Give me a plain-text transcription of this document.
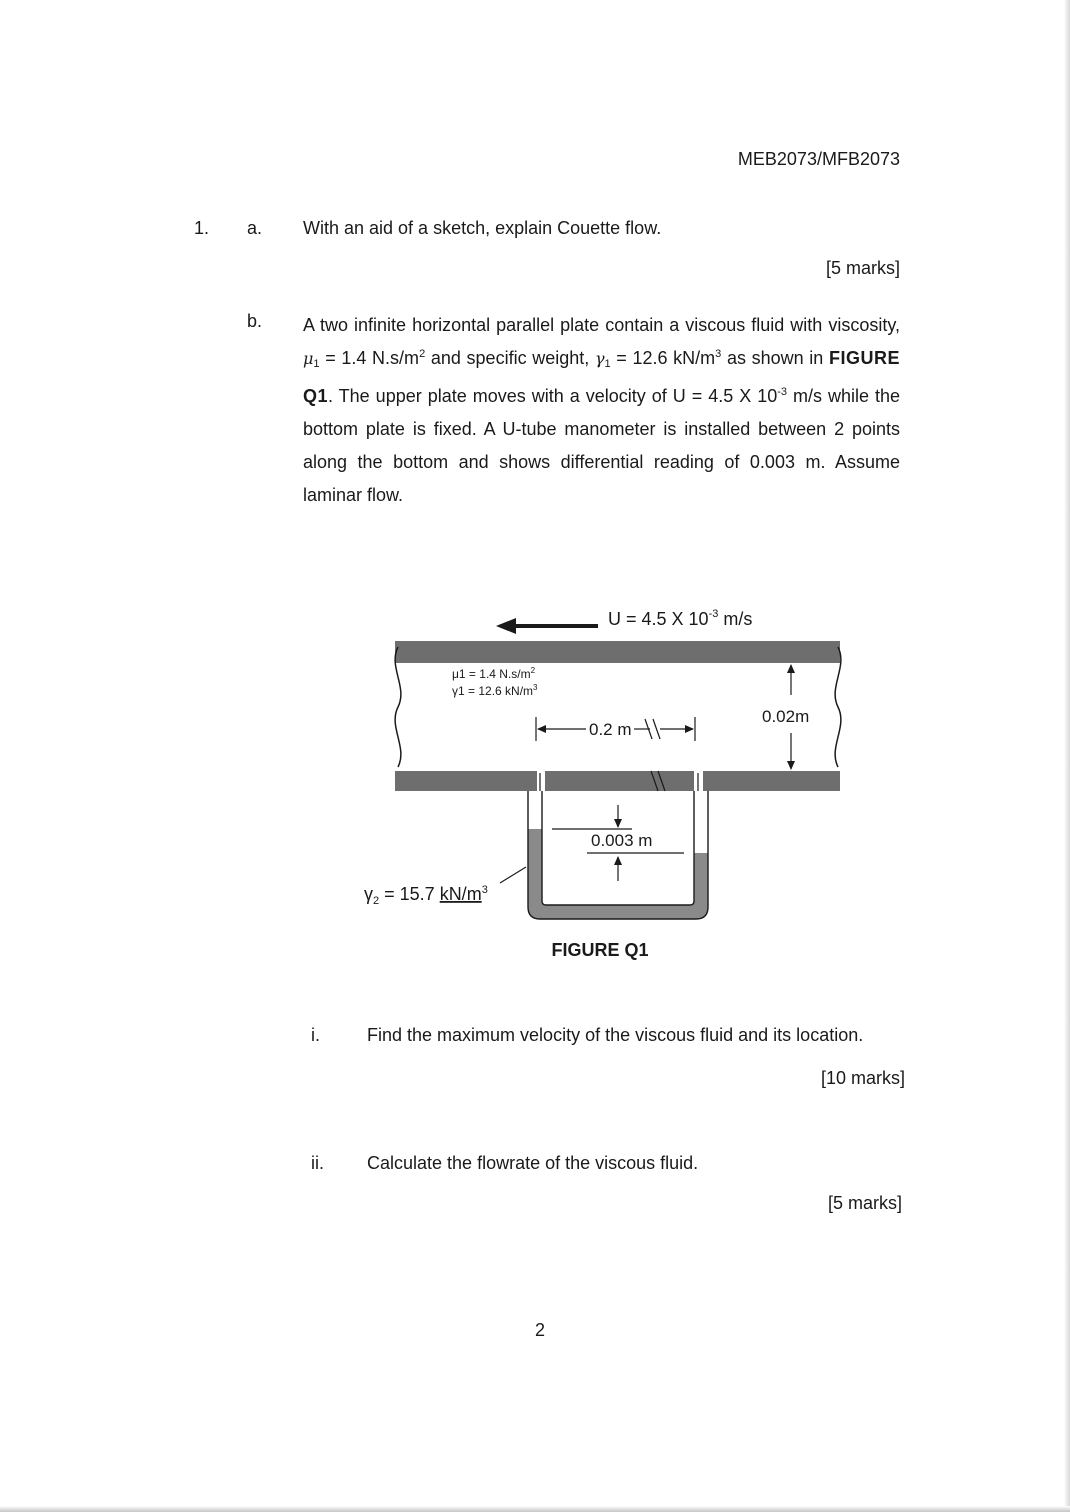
MEB2073/MFB2073
1. a. With an aid of a sketch, explain Couette flow.
[5 marks]
b. A two infinite horizontal parallel plate contain a viscous fluid with viscosity, $\mu_1 = 1.4$ $N.s/m^2$ and specific weight, $\gamma_1 = 12.6$ $kN/m^3$ as shown in FIGURE Q1. The upper plate moves with a velocity of U = 4.5 X $10^{-3}$ m/s while the bottom plate is fixed. A U-tube manometer is installed between 2 points along the bottom and shows differential reading of 0.003 m. Assume laminar flow.
U = 4.5 X $10^{-3}$ m/s
μ1 = 1.4 $N.s/m^2$
γ1 = 12.6 $kN/m^3$
0.2 m
0.02m
0.003 m
$\gamma_2 = 15.7$ $kN/m^3$
FIGURE Q1
i.	Find the maximum velocity of the viscous fluid and its location.
[10 marks]
ii. Calculate the flowrate of the viscous fluid.
[5 marks]
2
